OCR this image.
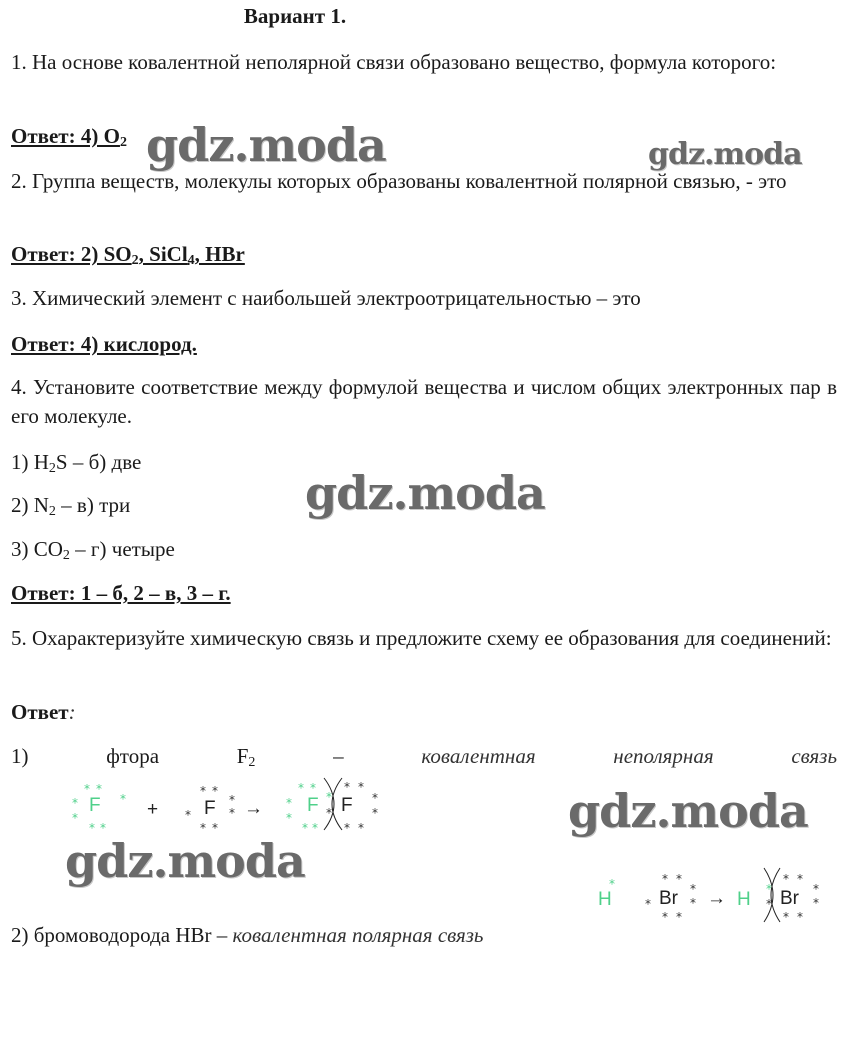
Вариант 1.

1. На основе ковалентной неполярной связи образовано вещество, формула которого:

Ответ: 4) $O_2$ gdz.moda	gdz.moda

2. Группа веществ, молекулы которых образованы ковалентной полярной связью, - это

Ответ: 2) $SO_2$, SiCl$_4$, HBr

3. Химический элемент с наибольшей электроотрицательностью – это

Ответ: 4) кислород.

4. Установите соответствие между формулой вещества и числом общих электронных пар в его молекуле.

1) $H_2S - б$) две
2) $N_2 - в$) три
3) $CO_2 - г$) четыре
gdz.moda
Ответ: 1 – б, 2 – в, 3 – г.

5. Охарактеризуйте химическую связь и предложите схему ее образования для соединений:

Ответ:
1)	фтора	$F_2$	–	ковалентная	неполярная	связь
F
* *
*
*
*
* *
+ F
* *
*
*
*
* *
→ F
* *
*
*
* *
*
* F
* *
*
*
* *	gdz.moda
gdz.moda
H
*
Br
* *
*
*
*
* *
→ H Br
* *
*
*
* *
*
*
2) бромоводорода HBr – ковалентная полярная связь
